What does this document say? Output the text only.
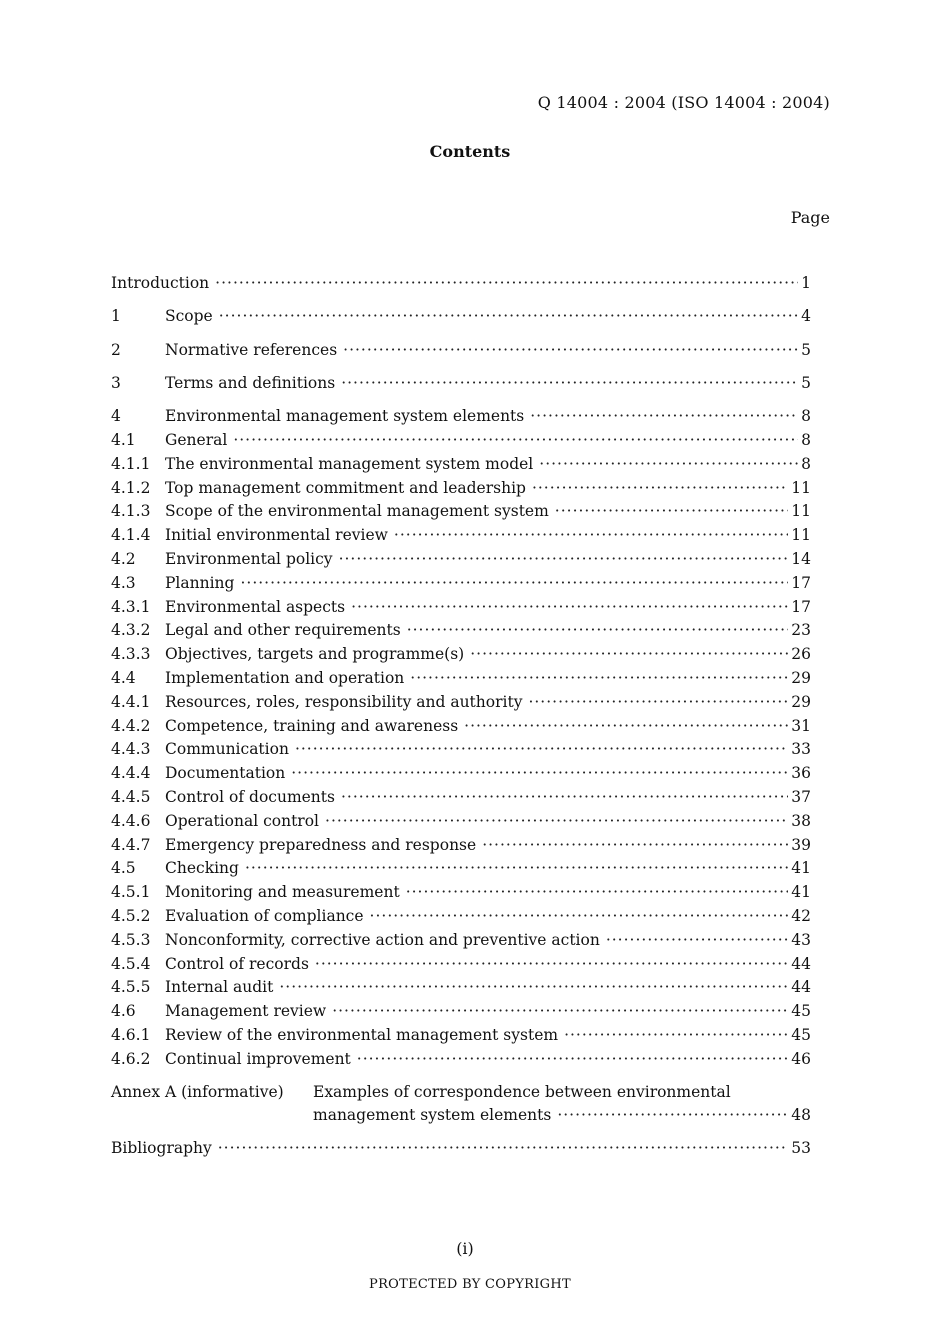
Q 14004 : 2004 (ISO 14004 : 2004)
Contents
Page
Introduction ·····	1
1	Scope ·····	4
2	Normative references ·····	5
3	Terms and definitions ·····	5
4	Environmental management system elements ·····	8
4.1	General ·····	8
4.1.1 The environmental management system model ·····	8
4.1.2 Top management commitment and leadership ·····	11
4.1.3 Scope of the environmental management system ·····	11
4.1.4 Initial environmental review ·····	11
4.2	Environmental policy ·····	14
4.3	Planning ·····	17
4.3.1 Environmental aspects ·····	17
4.3.2 Legal and other requirements ·····	23
4.3.3 Objectives, targets and programme(s) ·····	26
4.4	Implementation and operation ·····	29
4.4.1 Resources, roles, responsibility and authority ·····	29
4.4.2 Competence, training and awareness ·····	31
4.4.3 Communication ·····	33
4.4.4 Documentation ·····	36
4.4.5 Control of documents ·····	37
4.4.6 Operational control ·····	38
4.4.7 Emergency preparedness and response ·····	39
4.5	Checking ·····	41
4.5.1 Monitoring and measurement ·····	41
4.5.2 Evaluation of compliance ·····	42
4.5.3 Nonconformity, corrective action and preventive action ·····	43
4.5.4 Control of records ·····	44
4.5.5 Internal audit ·····	44
4.6	Management review ·····	45
4.6.1 Review of the environmental management system ·····	45
4.6.2 Continual improvement ·····	46
Annex A (informative)	Examples of correspondence between environmental
management system elements ·····	48
Bibliography ·····	53
(i)
PROTECTED BY COPYRIGHT
